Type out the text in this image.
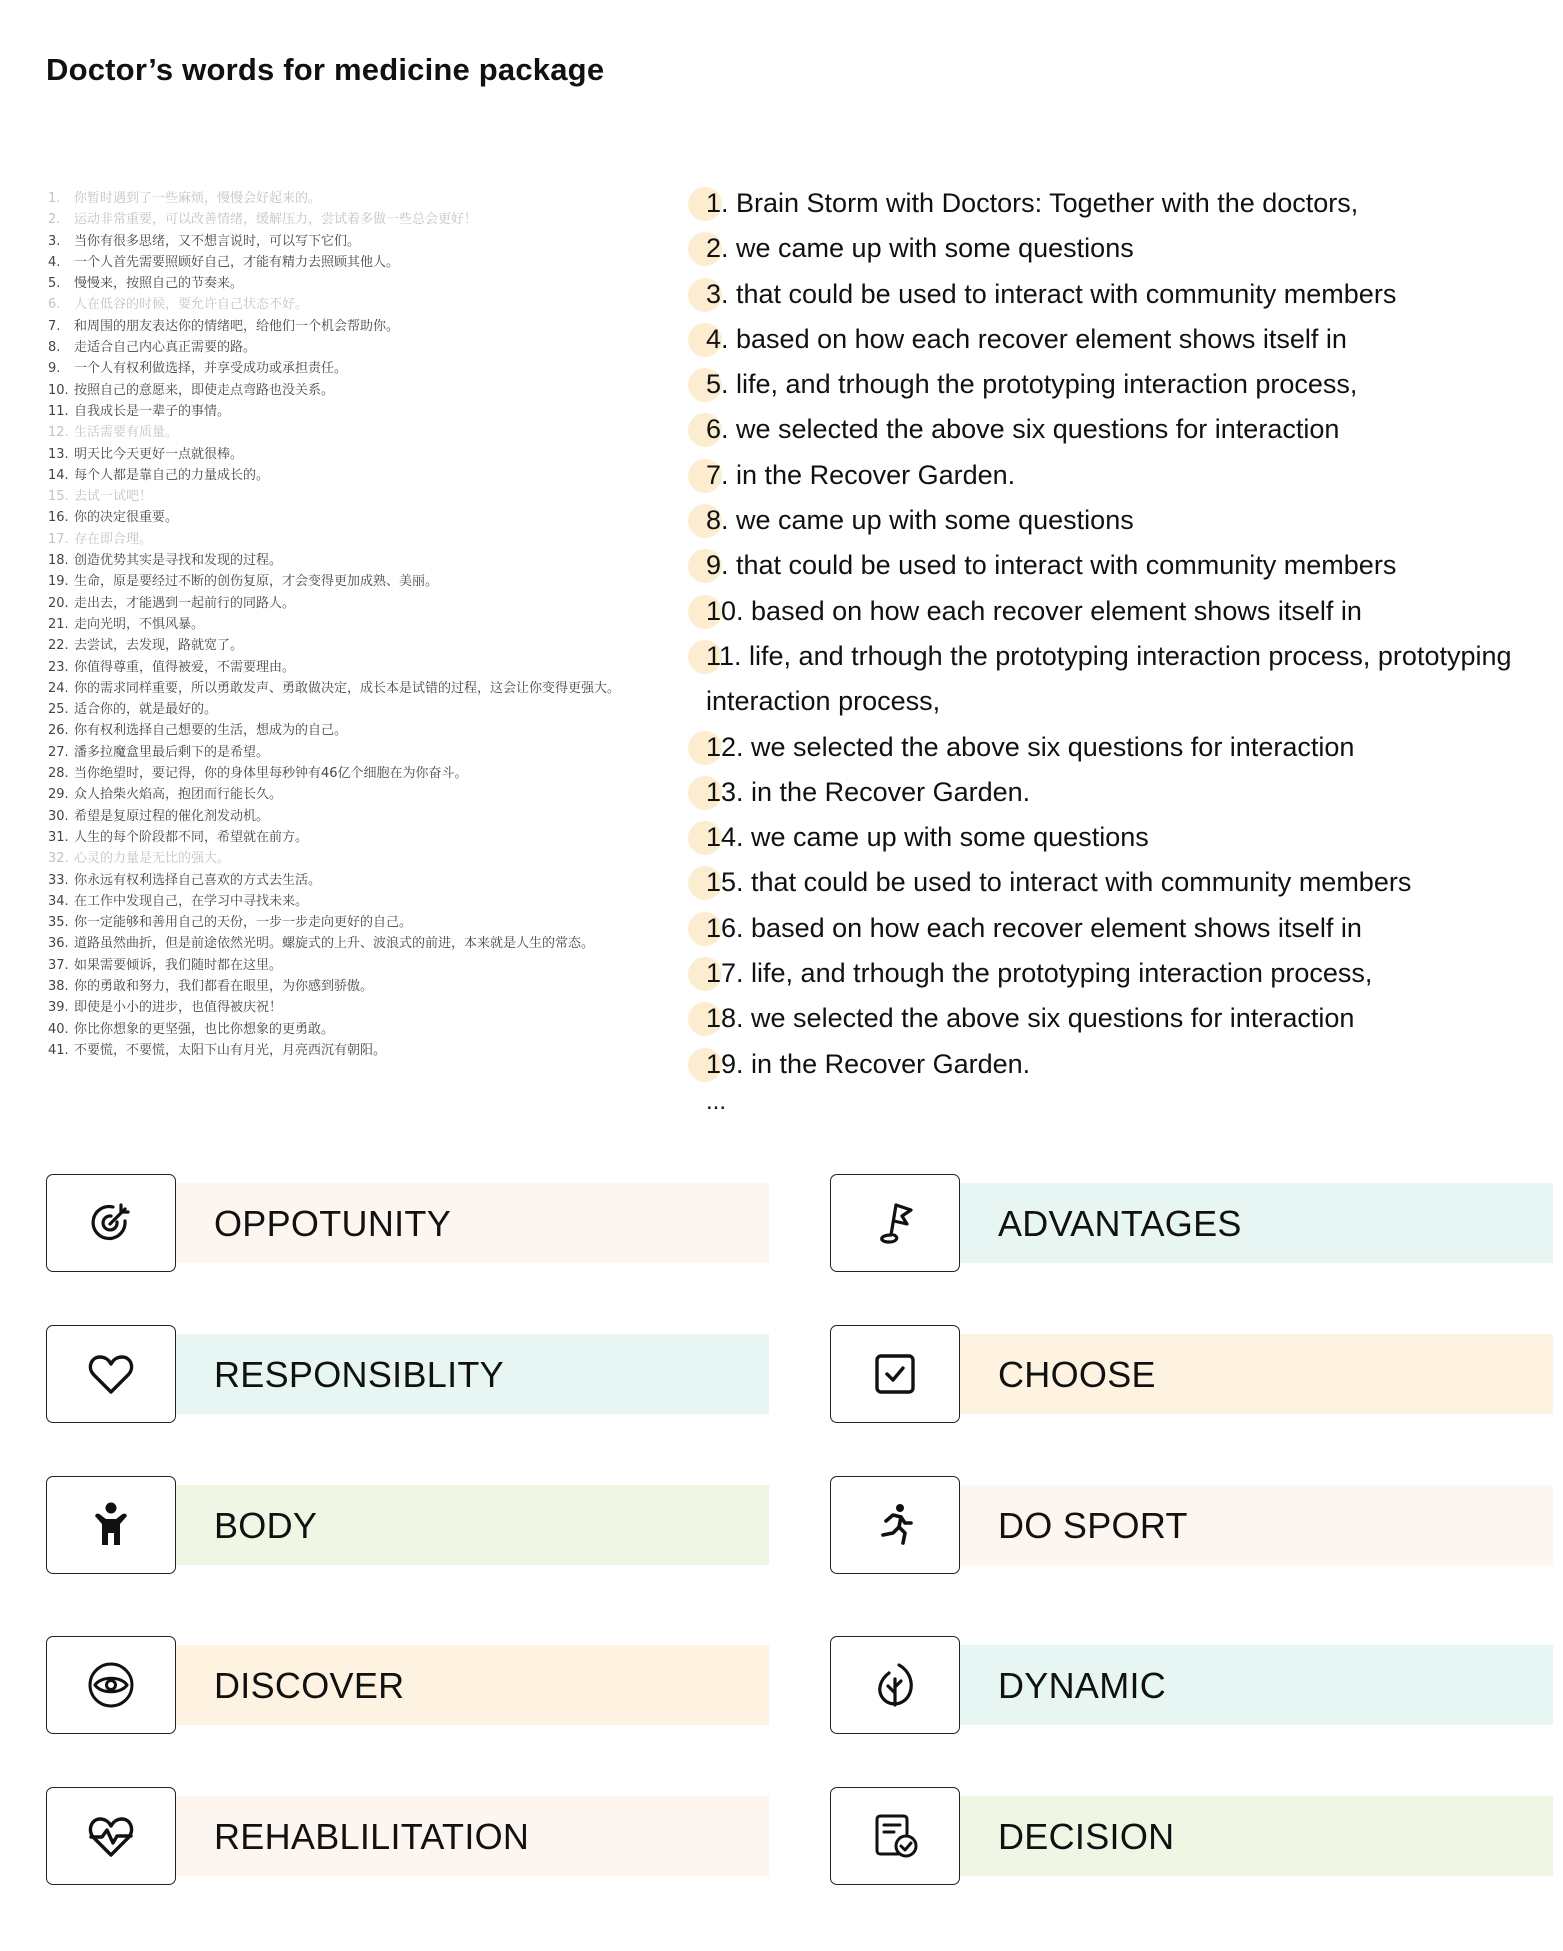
Doctor’s words for medicine package
1. 你暂时遇到了一些麻烦，慢慢会好起来的。
2. 运动非常重要，可以改善情绪，缓解压力，尝试着多做一些总会更好！
3. 当你有很多思绪，又不想言说时，可以写下它们。
4. 一个人首先需要照顾好自己，才能有精力去照顾其他人。
5. 慢慢来，按照自己的节奏来。
6. 人在低谷的时候，要允许自己状态不好。
7. 和周围的朋友表达你的情绪吧，给他们一个机会帮助你。
8. 走适合自己内心真正需要的路。
9. 一个人有权利做选择，并享受成功或承担责任。
10. 按照自己的意愿来，即使走点弯路也没关系。
11. 自我成长是一辈子的事情。
12. 生活需要有质量。
13. 明天比今天更好一点就很棒。
14. 每个人都是靠自己的力量成长的。
15. 去试一试吧！
16. 你的决定很重要。
17. 存在即合理。
18. 创造优势其实是寻找和发现的过程。
19. 生命，原是要经过不断的创伤复原，才会变得更加成熟、美丽。
20. 走出去，才能遇到一起前行的同路人。
21. 走向光明，不惧风暴。
22. 去尝试，去发现，路就宽了。
23. 你值得尊重，值得被爱，不需要理由。
24. 你的需求同样重要，所以勇敢发声、勇敢做决定，成长本是试错的过程，这会让你变得更强大。
25. 适合你的，就是最好的。
26. 你有权利选择自己想要的生活，想成为的自己。
27. 潘多拉魔盒里最后剩下的是希望。
28. 当你绝望时，要记得，你的身体里每秒钟有46亿个细胞在为你奋斗。
29. 众人拾柴火焰高，抱团而行能长久。
30. 希望是复原过程的催化剂发动机。
31. 人生的每个阶段都不同，希望就在前方。
32. 心灵的力量是无比的强大。
33. 你永远有权利选择自己喜欢的方式去生活。
34. 在工作中发现自己，在学习中寻找未来。
35. 你一定能够和善用自己的天份，一步一步走向更好的自己。
36. 道路虽然曲折，但是前途依然光明。螺旋式的上升、波浪式的前进，本来就是人生的常态。
37. 如果需要倾诉，我们随时都在这里。
38. 你的勇敢和努力，我们都看在眼里，为你感到骄傲。
39. 即使是小小的进步，也值得被庆祝！
40. 你比你想象的更坚强，也比你想象的更勇敢。
41. 不要慌，不要慌，太阳下山有月光，月亮西沉有朝阳。
1. Brain Storm with Doctors: Together with the doctors,
2. we came up with some questions
3. that could be used to interact with community members
4. based on how each recover element shows itself in
5. life, and trhough the prototyping interaction process,
6. we selected the above six questions for interaction
7. in the Recover Garden.
8. we came up with some questions
9. that could be used to interact with community members
10. based on how each recover element shows itself in
11. life, and trhough the prototyping interaction process, prototyping interaction process,
12. we selected the above six questions for interaction
13. in the Recover Garden.
14. we came up with some questions
15. that could be used to interact with community members
16. based on how each recover element shows itself in
17. life, and trhough the prototyping interaction process,
18. we selected the above six questions for interaction
19. in the Recover Garden.
...
OPPOTUNITY	ADVANTAGES
RESPONSIBLITY	CHOOSE
BODY	DO SPORT
DISCOVER	DYNAMIC
REHABLILITATION	DECISION
